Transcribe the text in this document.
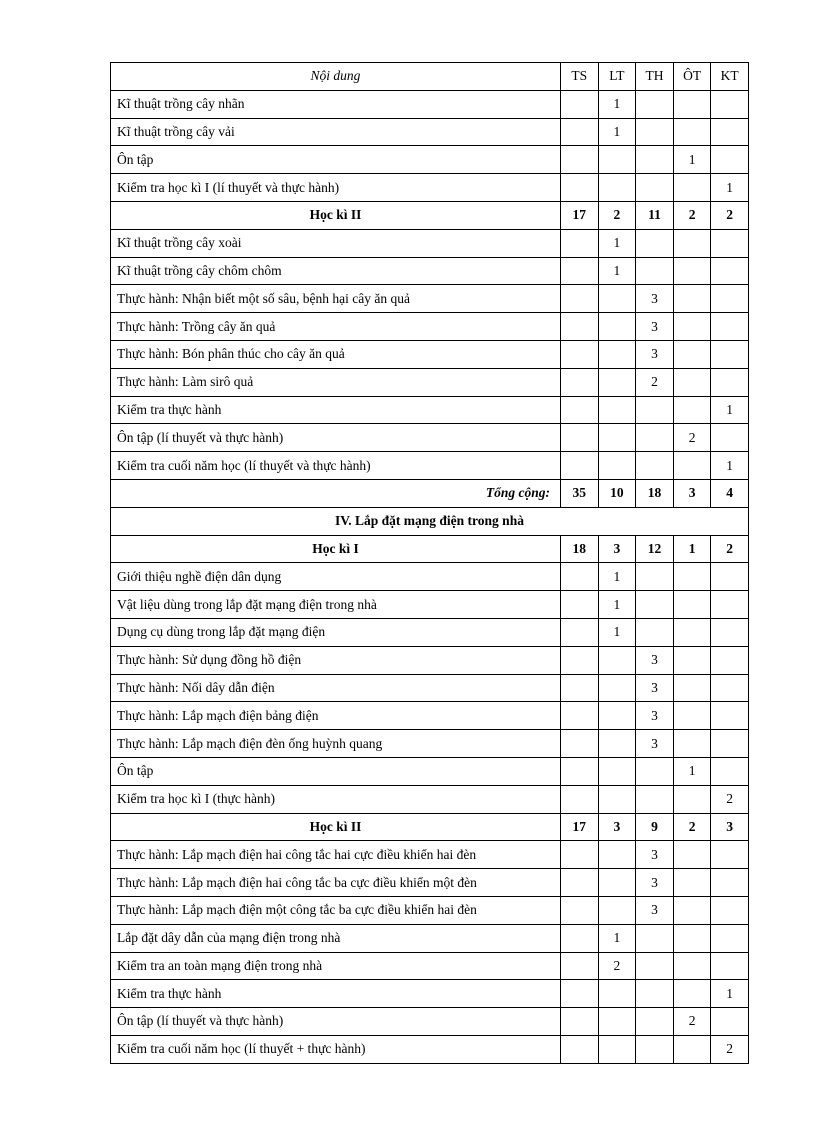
Nội dung	TS	LT	TH	ÔT	KT
Kĩ thuật trồng cây nhãn		1			
Kĩ thuật trồng cây vải		1			
Ôn tập				1	
Kiểm tra học kì I (lí thuyết và thực hành)					1
Học kì II	17	2	11	2	2
Kĩ thuật trồng cây xoài		1			
Kĩ thuật trồng cây chôm chôm		1			
Thực hành: Nhận biết một số sâu, bệnh hại cây ăn quả			3		
Thực hành: Trồng cây ăn quả			3		
Thực hành: Bón phân thúc cho cây ăn quả			3		
Thực hành: Làm sirô quả			2		
Kiểm tra thực hành					1
Ôn tập (lí thuyết và thực hành)				2	
Kiểm tra cuối năm học (lí thuyết và thực hành)					1
Tổng cộng:	35	10	18	3	4
IV. Lắp đặt mạng điện trong nhà					
Học kì I	18	3	12	1	2
Giới thiệu nghề điện dân dụng		1			
Vật liệu dùng trong lắp đặt mạng điện trong nhà		1			
Dụng cụ dùng trong lắp đặt mạng điện		1			
Thực hành: Sử dụng đồng hồ điện			3		
Thực hành: Nối dây dẫn điện			3		
Thực hành: Lắp mạch điện bảng điện			3		
Thực hành: Lắp mạch điện đèn ống huỳnh quang			3		
Ôn tập				1	
Kiểm tra học kì I (thực hành)					2
Học kì II	17	3	9	2	3
Thực hành: Lắp mạch điện hai công tắc hai cực điều khiển hai đèn			3		
Thực hành: Lắp mạch điện hai công tắc ba cực điều khiển một đèn			3		
Thực hành: Lắp mạch điện một công tắc ba cực điều khiển hai đèn			3		
Lắp đặt dây dẫn của mạng điện trong nhà		1			
Kiểm tra an toàn mạng điện trong nhà		2			
Kiểm tra thực hành					1
Ôn tập (lí thuyết và thực hành)				2	
Kiểm tra cuối năm học (lí thuyết + thực hành)					2
